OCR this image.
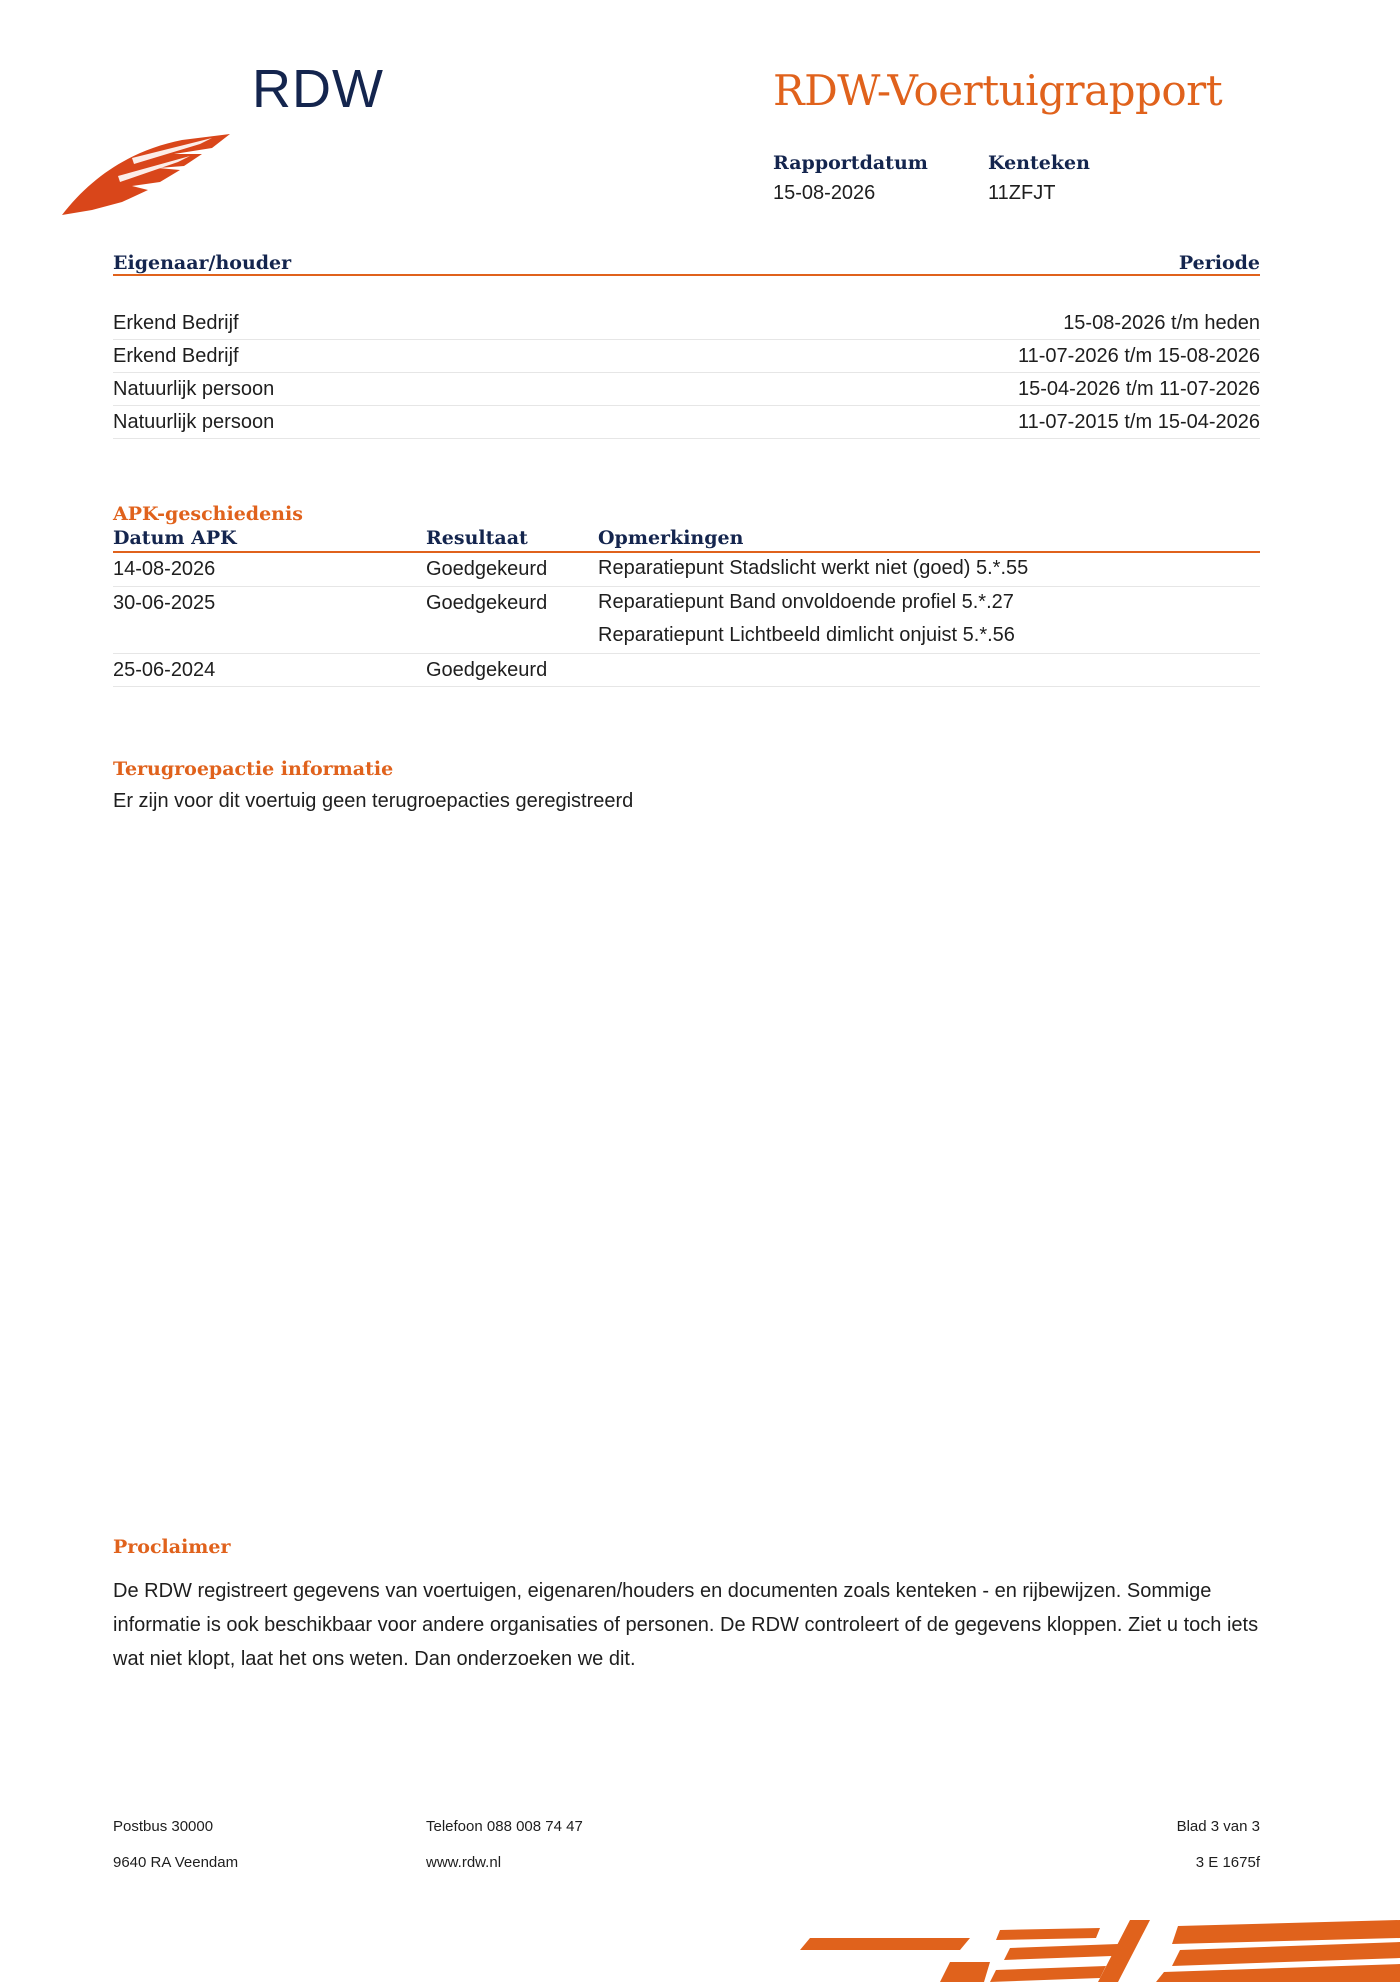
RDW	RDW-Voertuigrapport
Rapportdatum
15-08-2026
Kenteken
11ZFJT
Eigenaar/houder	Periode
Erkend Bedrijf	15-08-2026 t/m heden
Erkend Bedrijf	11-07-2026 t/m 15-08-2026
Natuurlijk persoon	15-04-2026 t/m 11-07-2026
Natuurlijk persoon	11-07-2015 t/m 15-04-2026
APK-geschiedenis
Datum APK	Resultaat	Opmerkingen
14-08-2026	Goedgekeurd	Reparatiepunt Stadslicht werkt niet (goed) 5.*.55
30-06-2025	Goedgekeurd	Reparatiepunt Band onvoldoende profiel 5.*.27
Reparatiepunt Lichtbeeld dimlicht onjuist 5.*.56
25-06-2024	Goedgekeurd
Terugroepactie informatie
Er zijn voor dit voertuig geen terugroepacties geregistreerd
Proclaimer
De RDW registreert gegevens van voertuigen, eigenaren/houders en documenten zoals kenteken - en rijbewijzen. Sommige informatie is ook beschikbaar voor andere organisaties of personen. De RDW controleert of de gegevens kloppen. Ziet u toch iets wat niet klopt, laat het ons weten. Dan onderzoeken we dit.
Postbus 30000
9640 RA Veendam
Telefoon 088 008 74 47
www.rdw.nl
Blad 3 van 3
3 E 1675f
